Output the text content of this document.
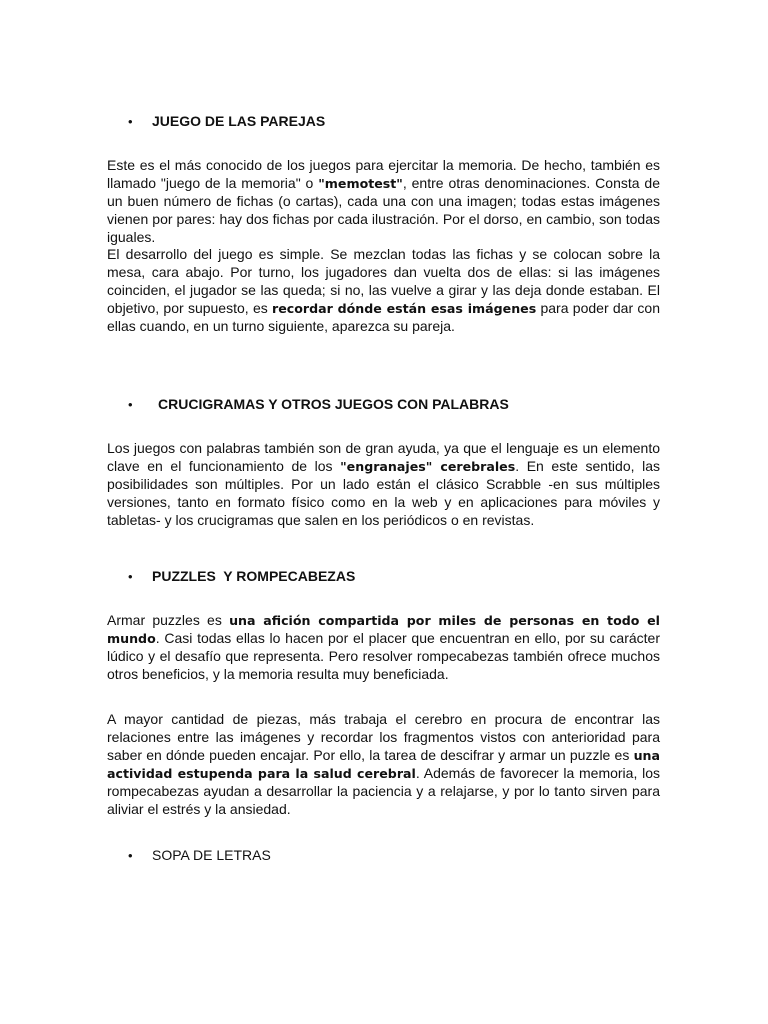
• JUEGO DE LAS PAREJAS

Este es el más conocido de los juegos para ejercitar la memoria. De hecho, también es llamado "juego de la memoria" o "memotest", entre otras denominaciones. Consta de un buen número de fichas (o cartas), cada una con una imagen; todas estas imágenes vienen por pares: hay dos fichas por cada ilustración. Por el dorso, en cambio, son todas iguales.

El desarrollo del juego es simple. Se mezclan todas las fichas y se colocan sobre la mesa, cara abajo. Por turno, los jugadores dan vuelta dos de ellas: si las imágenes coinciden, el jugador se las queda; si no, las vuelve a girar y las deja donde estaban. El objetivo, por supuesto, es recordar dónde están esas imágenes para poder dar con ellas cuando, en un turno siguiente, aparezca su pareja.

• CRUCIGRAMAS Y OTROS JUEGOS CON PALABRAS

Los juegos con palabras también son de gran ayuda, ya que el lenguaje es un elemento clave en el funcionamiento de los "engranajes" cerebrales. En este sentido, las posibilidades son múltiples. Por un lado están el clásico Scrabble -en sus múltiples versiones, tanto en formato físico como en la web y en aplicaciones para móviles y tabletas- y los crucigramas que salen en los periódicos o en revistas.

• PUZZLES  Y ROMPECABEZAS

Armar puzzles es una afición compartida por miles de personas en todo el mundo. Casi todas ellas lo hacen por el placer que encuentran en ello, por su carácter lúdico y el desafío que representa. Pero resolver rompecabezas también ofrece muchos otros beneficios, y la memoria resulta muy beneficiada.

A mayor cantidad de piezas, más trabaja el cerebro en procura de encontrar las relaciones entre las imágenes y recordar los fragmentos vistos con anterioridad para saber en dónde pueden encajar. Por ello, la tarea de descifrar y armar un puzzle es una actividad estupenda para la salud cerebral. Además de favorecer la memoria, los rompecabezas ayudan a desarrollar la paciencia y a relajarse, y por lo tanto sirven para aliviar el estrés y la ansiedad.

• SOPA DE LETRAS
